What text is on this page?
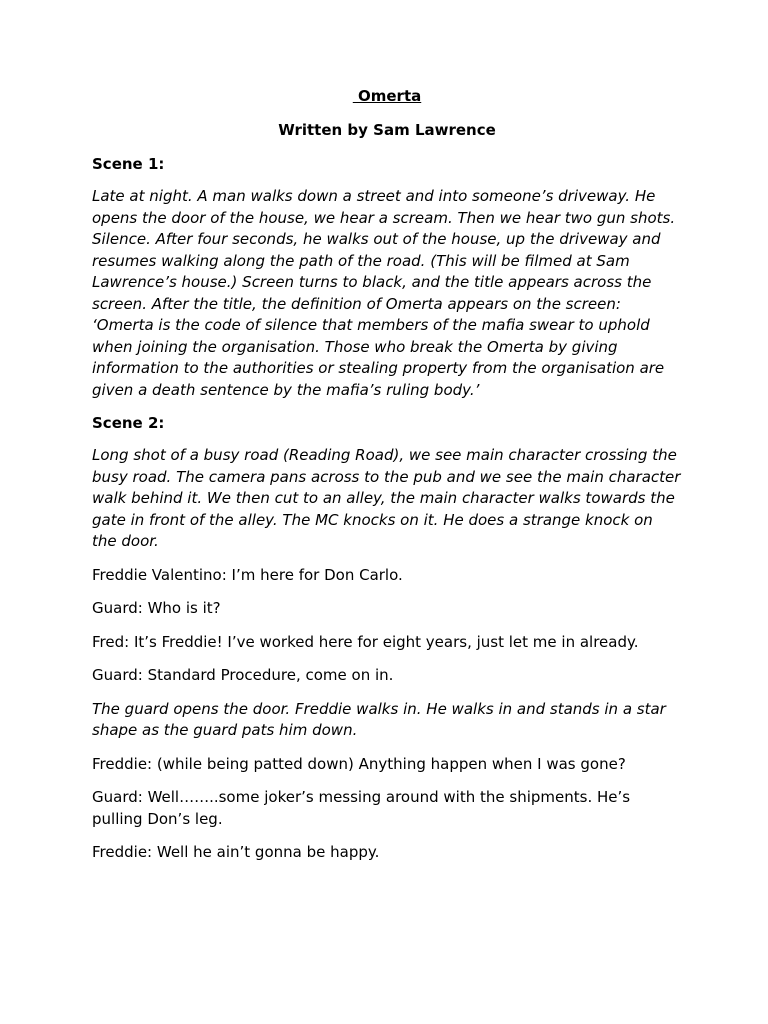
Omerta
Written by Sam Lawrence
Scene 1:

Late at night. A man walks down a street and into someone’s driveway. He opens the door of the house, we hear a scream. Then we hear two gun shots. Silence. After four seconds, he walks out of the house, up the driveway and resumes walking along the path of the road. (This will be filmed at Sam Lawrence’s house.) Screen turns to black, and the title appears across the screen. After the title, the definition of Omerta appears on the screen: ‘Omerta is the code of silence that members of the mafia swear to uphold when joining the organisation. Those who break the Omerta by giving information to the authorities or stealing property from the organisation are given a death sentence by the mafia’s ruling body.’

Scene 2:

Long shot of a busy road (Reading Road), we see main character crossing the busy road. The camera pans across to the pub and we see the main character walk behind it. We then cut to an alley, the main character walks towards the gate in front of the alley. The MC knocks on it. He does a strange knock on the door.

Freddie Valentino: I’m here for Don Carlo.

Guard: Who is it?

Fred: It’s Freddie! I’ve worked here for eight years, just let me in already.

Guard: Standard Procedure, come on in.

The guard opens the door. Freddie walks in. He walks in and stands in a star shape as the guard pats him down.

Freddie: (while being patted down) Anything happen when I was gone?

Guard: Well……..some joker’s messing around with the shipments. He’s pulling Don’s leg.

Freddie: Well he ain’t gonna be happy.
